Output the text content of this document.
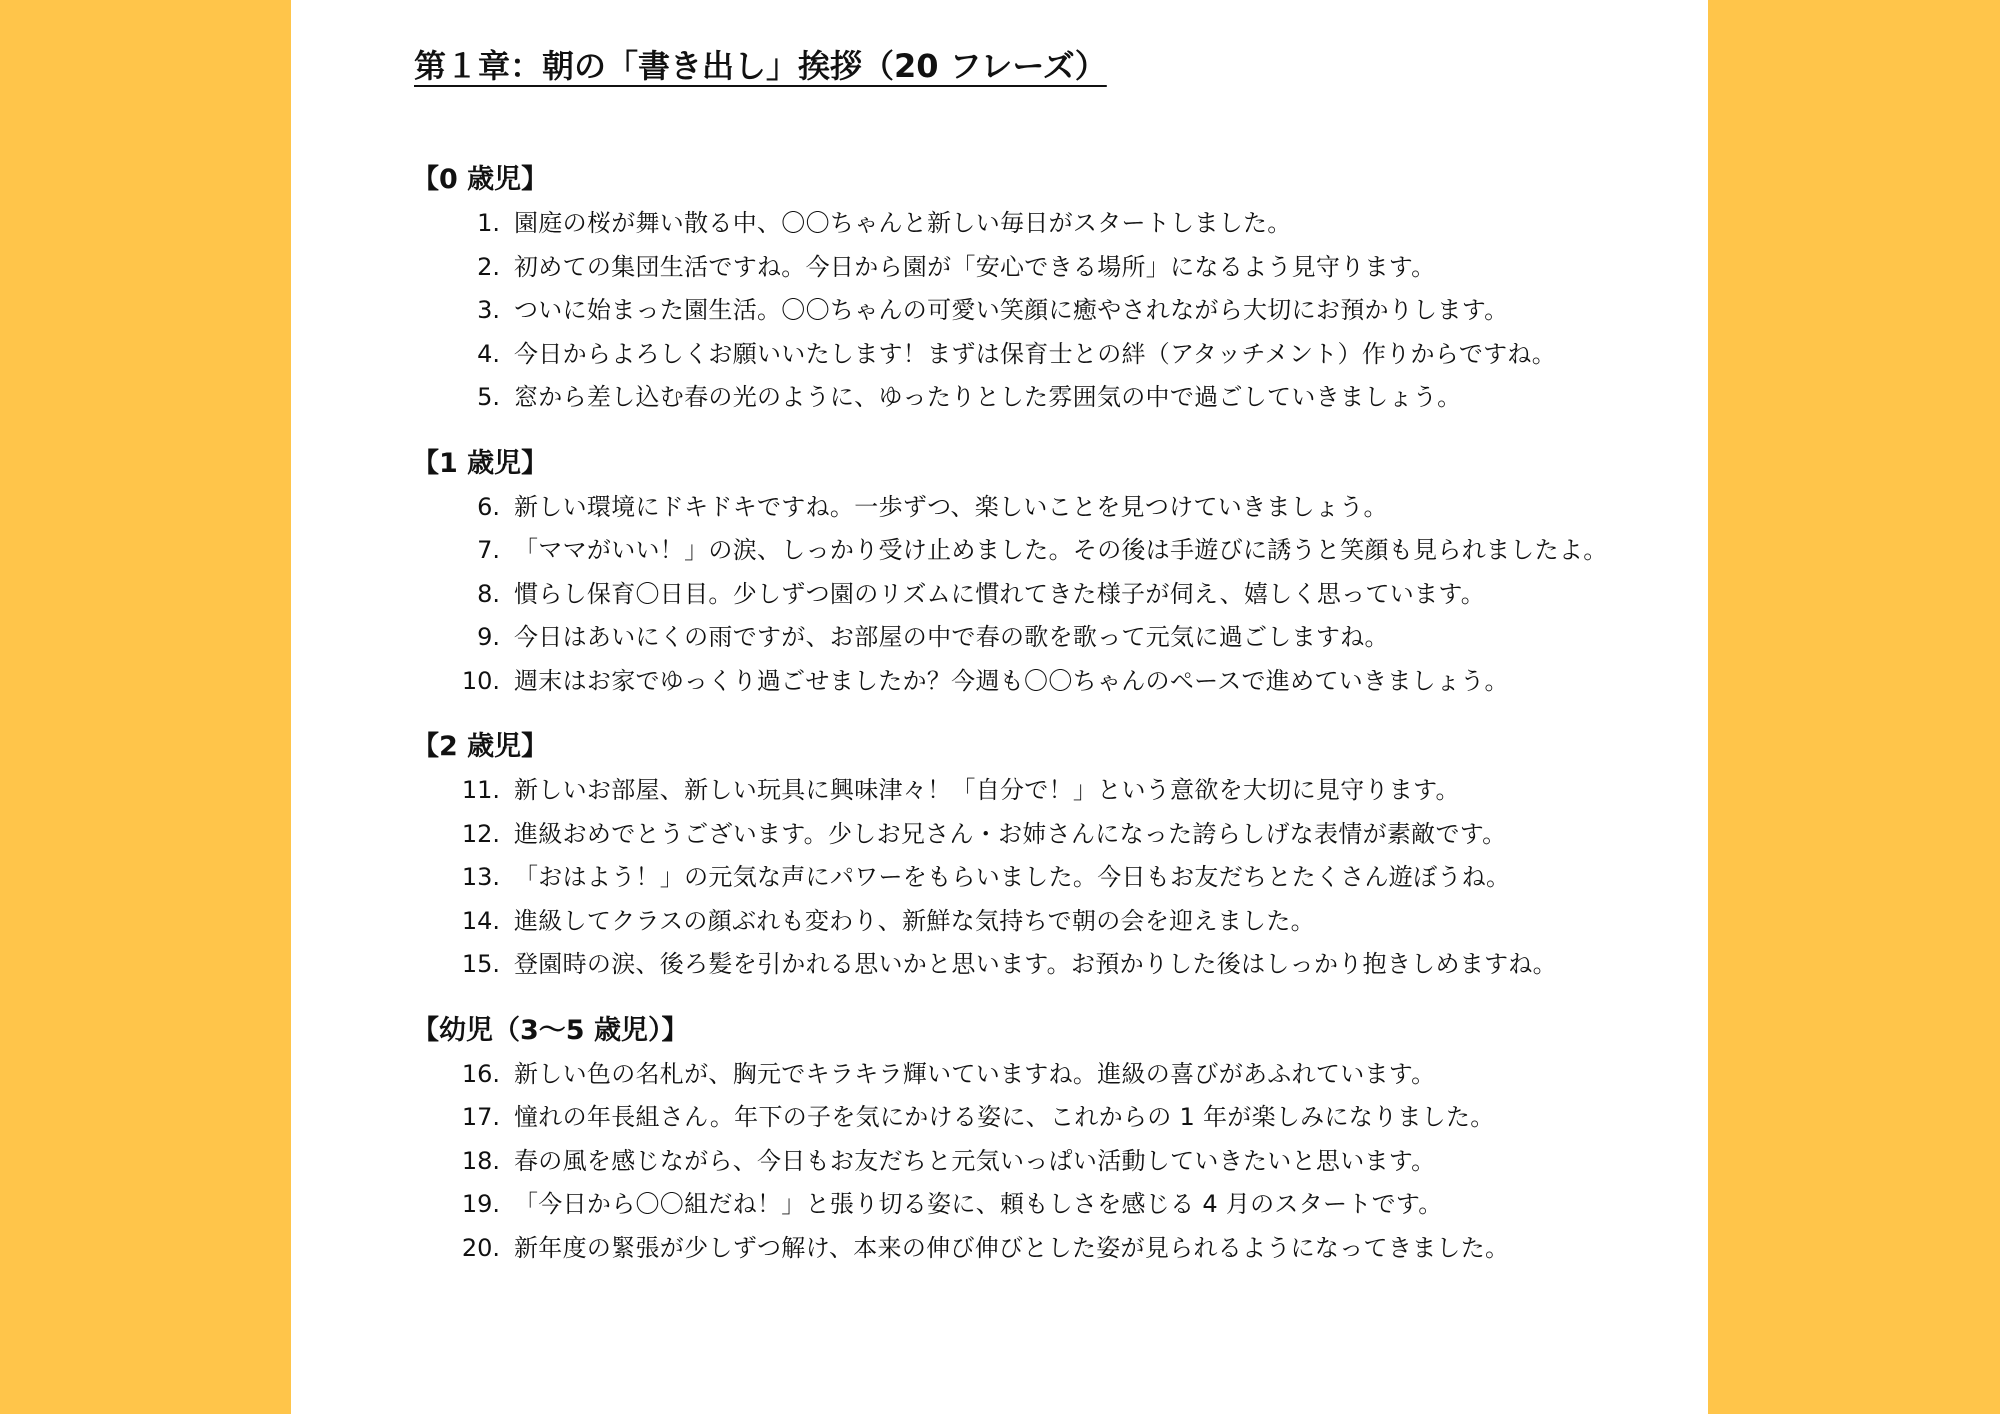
第１章：朝の「書き出し」挨拶（20 フレーズ）
【0 歳児】
1. 園庭の桜が舞い散る中、〇〇ちゃんと新しい毎日がスタートしました。
2. 初めての集団生活ですね。今日から園が「安心できる場所」になるよう見守ります。
3. ついに始まった園生活。〇〇ちゃんの可愛い笑顔に癒やされながら大切にお預かりします。
4. 今日からよろしくお願いいたします！まずは保育士との絆（アタッチメント）作りからですね。
5. 窓から差し込む春の光のように、ゆったりとした雰囲気の中で過ごしていきましょう。
【1 歳児】
6. 新しい環境にドキドキですね。一歩ずつ、楽しいことを見つけていきましょう。
7. 「ママがいい！」の涙、しっかり受け止めました。その後は手遊びに誘うと笑顔も見られましたよ。
8. 慣らし保育〇日目。少しずつ園のリズムに慣れてきた様子が伺え、嬉しく思っています。
9. 今日はあいにくの雨ですが、お部屋の中で春の歌を歌って元気に過ごしますね。
10. 週末はお家でゆっくり過ごせましたか？今週も〇〇ちゃんのペースで進めていきましょう。
【2 歳児】
11. 新しいお部屋、新しい玩具に興味津々！「自分で！」という意欲を大切に見守ります。
12. 進級おめでとうございます。少しお兄さん・お姉さんになった誇らしげな表情が素敵です。
13. 「おはよう！」の元気な声にパワーをもらいました。今日もお友だちとたくさん遊ぼうね。
14. 進級してクラスの顔ぶれも変わり、新鮮な気持ちで朝の会を迎えました。
15. 登園時の涙、後ろ髪を引かれる思いかと思います。お預かりした後はしっかり抱きしめますね。
【幼児（3～5 歳児）】
16. 新しい色の名札が、胸元でキラキラ輝いていますね。進級の喜びがあふれています。
17. 憧れの年長組さん。年下の子を気にかける姿に、これからの 1 年が楽しみになりました。
18. 春の風を感じながら、今日もお友だちと元気いっぱい活動していきたいと思います。
19. 「今日から〇〇組だね！」と張り切る姿に、頼もしさを感じる 4 月のスタートです。
20. 新年度の緊張が少しずつ解け、本来の伸び伸びとした姿が見られるようになってきました。
